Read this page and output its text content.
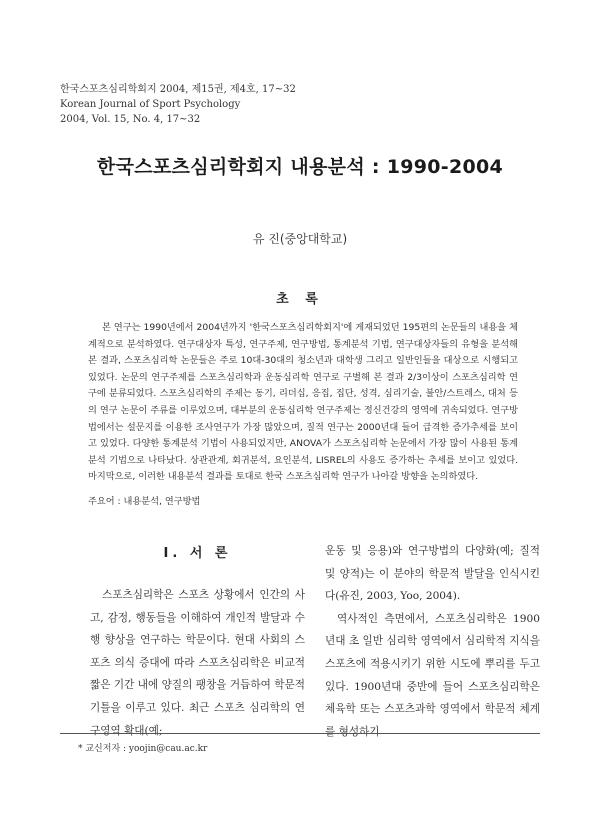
한국스포츠심리학회지 2004, 제15권, 제4호, 17~32
Korean Journal of Sport Psychology
2004, Vol. 15, No. 4, 17~32
한국스포츠심리학회지 내용분석 : 1990-2004
유 진(중앙대학교)
초 록

본 연구는 1990년에서 2004년까지 '한국스포츠심리학회지'에 게재되었던 195편의 논문들의 내용을 체계적으로 분석하였다. 연구대상자 특성, 연구주제, 연구방법, 통계분석 기법, 연구대상자들의 유형을 분석해 본 결과, 스포츠심리학 논문들은 주로 10대-30대의 청소년과 대학생 그리고 일반인들을 대상으로 시행되고 있었다. 논문의 연구주제를 스포츠심리학과 운동심리학 연구로 구별해 본 결과 2/3이상이 스포츠심리학 연구에 분류되었다. 스포츠심리학의 주제는 동기, 리더십, 응집, 집단, 성격, 심리기술, 불안/스트레스, 대처 등의 연구 논문이 주류를 이루었으며, 대부분의 운동심리학 연구주제는 정신건강의 영역에 귀속되었다. 연구방법에서는 설문지를 이용한 조사연구가 가장 많았으며, 질적 연구는 2000년대 들어 급격한 증가추세를 보이고 있었다. 다양한 통계분석 기법이 사용되었지만, ANOVA가 스포츠심리학 논문에서 가장 많이 사용된 통계분석 기법으로 나타났다. 상관관계, 회귀분석, 요인분석, LISREL의 사용도 증가하는 추세를 보이고 있었다. 마지막으로, 이러한 내용분석 결과를 토대로 한국 스포츠심리학 연구가 나아갈 방향을 논의하였다.

주요어 : 내용분석, 연구방법
Ⅰ. 서 론

스포츠심리학은 스포츠 상황에서 인간의 사고, 감정, 행동들을 이해하여 개인적 발달과 수행 향상을 연구하는 학문이다. 현대 사회의 스포츠 의식 증대에 따라 스포츠심리학은 비교적 짧은 기간 내에 양질의 팽창을 거듭하여 학문적 기틀을 이루고 있다. 최근 스포츠 심리학의 연구영역 확대(예;

운동 및 응용)와 연구방법의 다양화(예; 질적 및 양적)는 이 분야의 학문적 발달을 인식시킨다(유진, 2003, Yoo, 2004).

역사적인 측면에서, 스포츠심리학은 1900년대 초 일반 심리학 영역에서 심리학적 지식을 스포츠에 적용시키기 위한 시도에 뿌리를 두고 있다. 1900년대 중반에 들어 스포츠심리학은 체육학 또는 스포츠과학 영역에서 학문적 체계를 형성하기

* 교신저자 : yoojin@cau.ac.kr
